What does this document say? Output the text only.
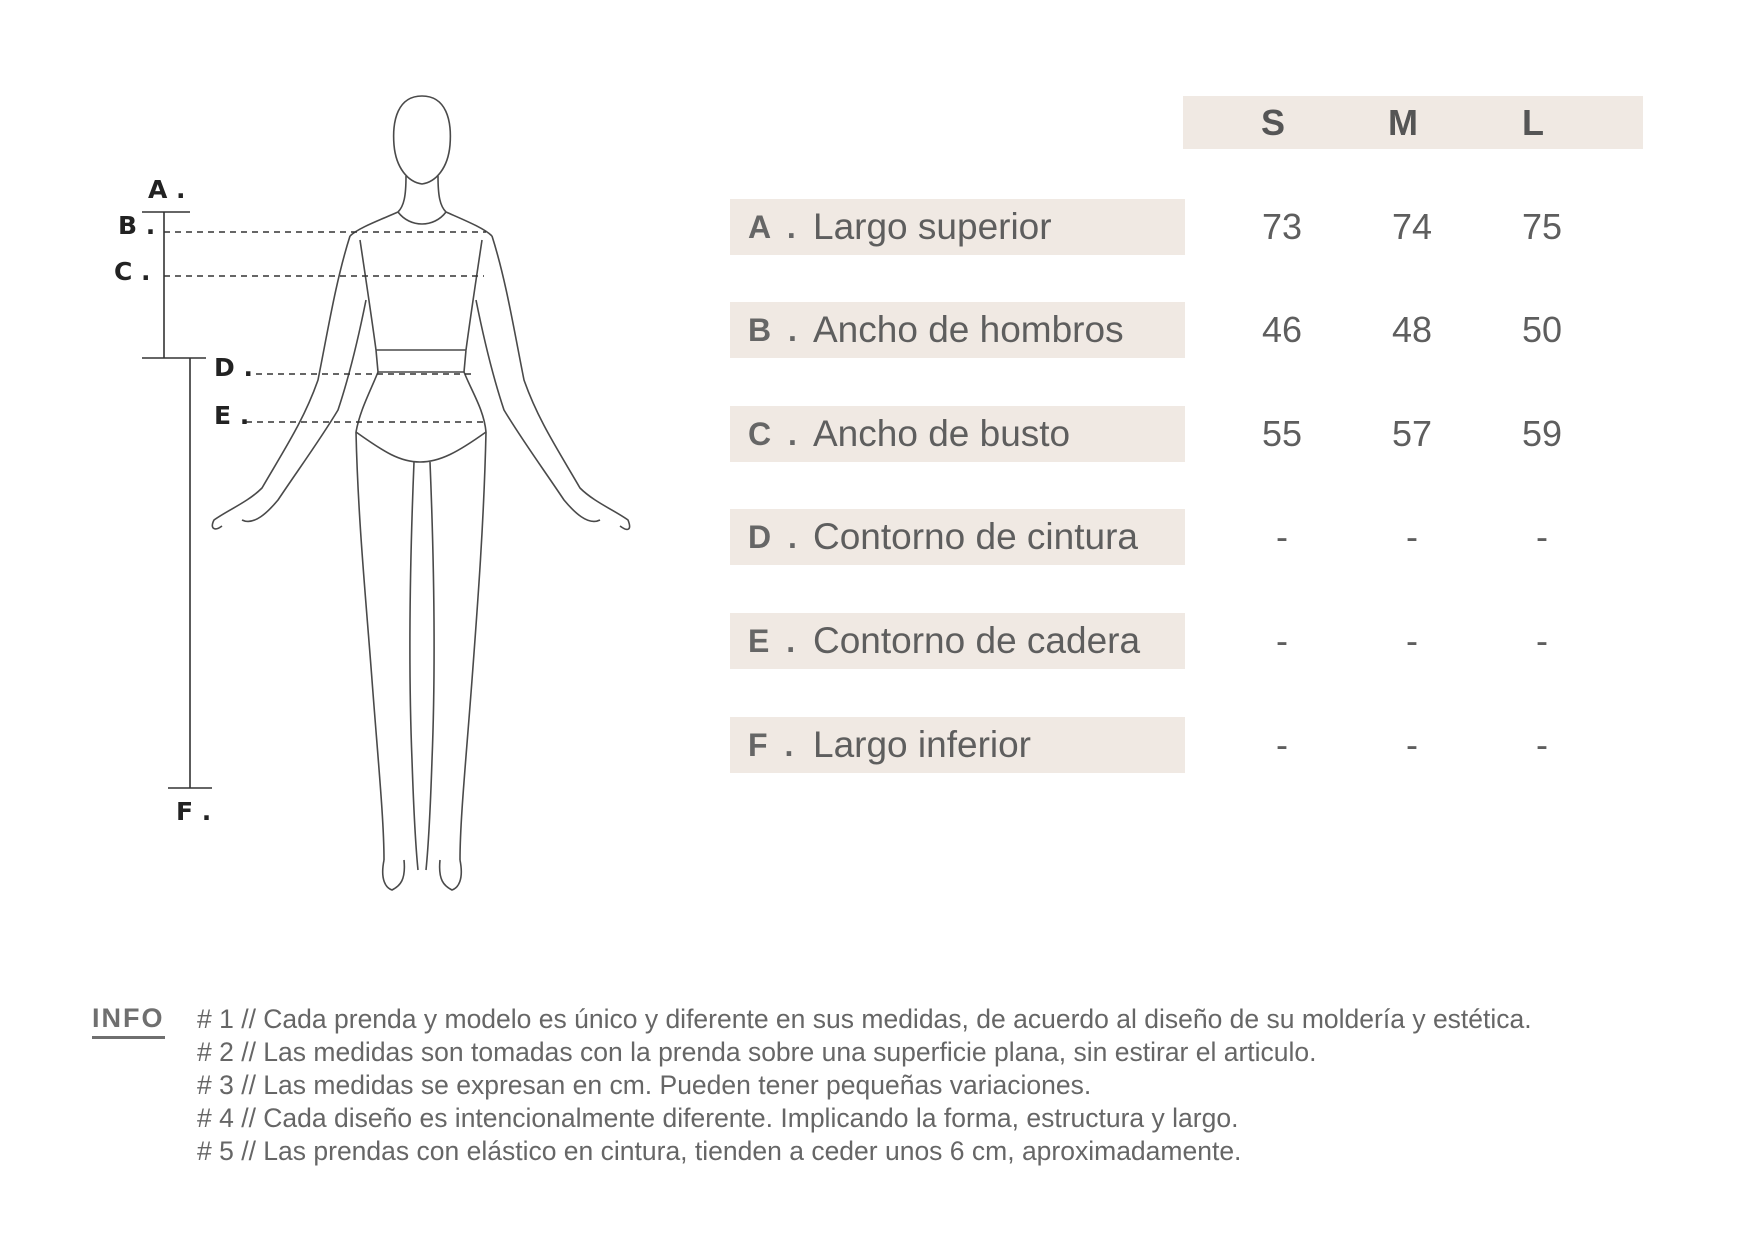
A .
B .
C .
D .
E .
F .
S	M	L
A . Largo superior	73	74	75
B . Ancho de hombros	46	48	50
C . Ancho de busto	55	57	59
D . Contorno de cintura	-	-	-
E . Contorno de cadera	-	-	-
F . Largo inferior	-	-	-
INFO # 1 // Cada prenda y modelo es único y diferente en sus medidas, de acuerdo al diseño de su moldería y estética.
# 2 // Las medidas son tomadas con la prenda sobre una superficie plana, sin estirar el articulo.
# 3 // Las medidas se expresan en cm. Pueden tener pequeñas variaciones.
# 4 // Cada diseño es intencionalmente diferente. Implicando la forma, estructura y largo.
# 5 // Las prendas con elástico en cintura, tienden a ceder unos 6 cm, aproximadamente.
